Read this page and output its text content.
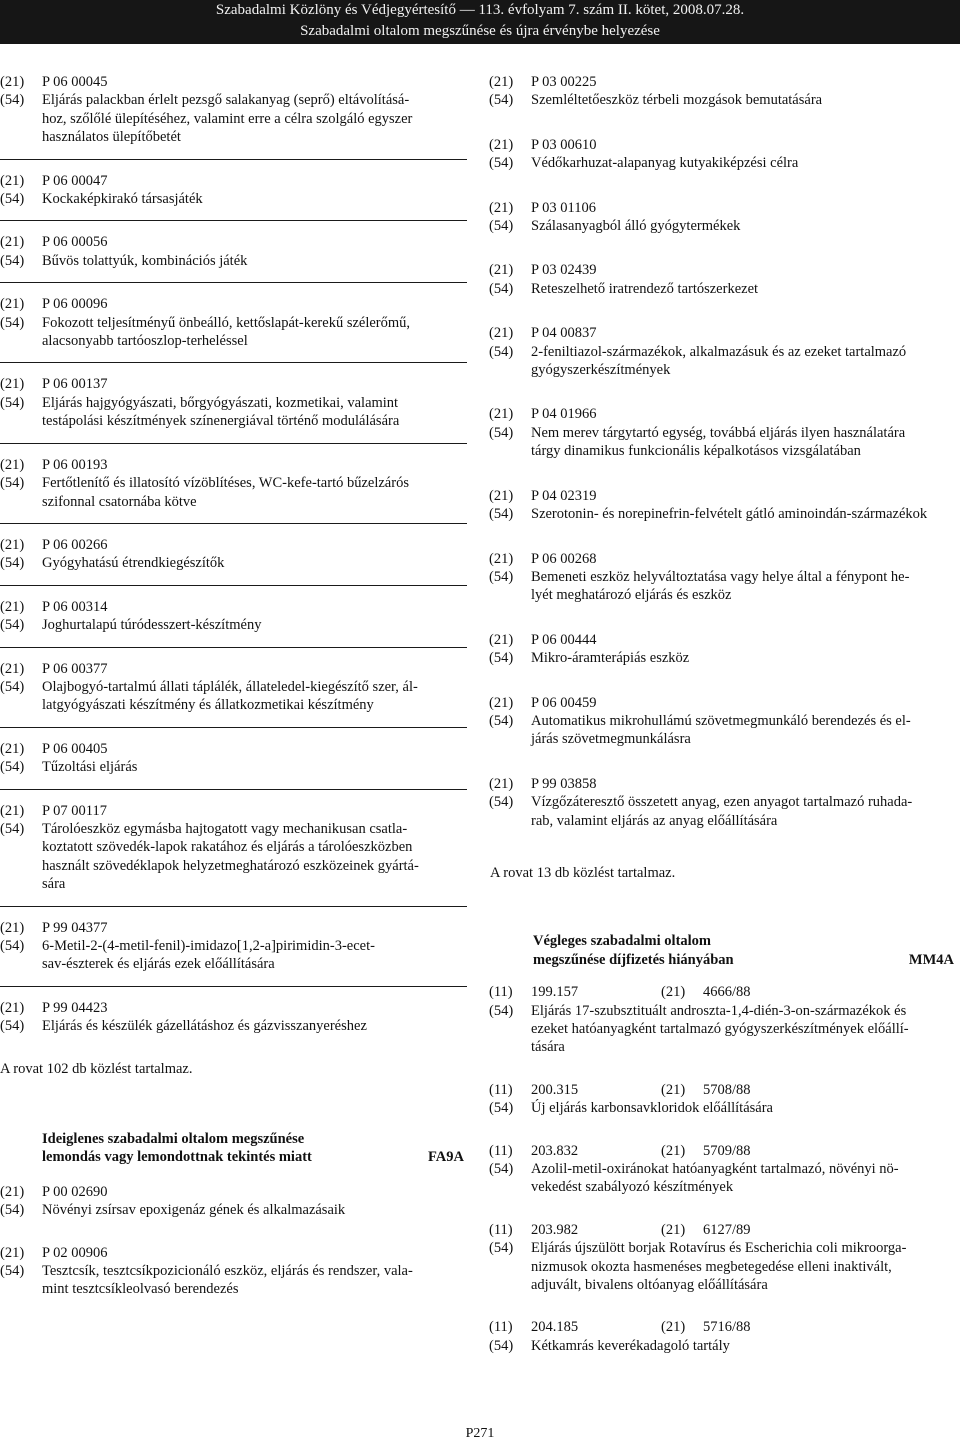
Szabadalmi Közlöny és Védjegyértesítő — 113. évfolyam 7. szám II. kötet, 2008.07.28.
Szabadalmi oltalom megszűnése és újra érvénybe helyezése
(21)	P 06 00045
(54)	Eljárás palackban érlelt pezsgő salakanyag (seprő) eltávolításá-
hoz, szőlőlé ülepítéséhez, valamint erre a célra szolgáló egyszer
használatos ülepítőbetét
(21)	P 06 00047
(54)	Kockaképkirakó társasjáték
(21)	P 06 00056
(54)	Bűvös tolattyúk, kombinációs játék
(21)	P 06 00096
(54)	Fokozott teljesítményű önbeálló, kettőslapát-kerekű szélerőmű,
alacsonyabb tartóoszlop-terheléssel
(21)	P 06 00137
(54)	Eljárás hajgyógyászati, bőrgyógyászati, kozmetikai, valamint
testápolási készítmények színenergiával történő modulálására
(21)	P 06 00193
(54)	Fertőtlenítő és illatosító vízöblítéses, WC-kefe-tartó bűzelzárós
szifonnal csatornába kötve
(21)	P 06 00266
(54)	Gyógyhatású étrendkiegészítők
(21)	P 06 00314
(54)	Joghurtalapú túródesszert-készítmény
(21)	P 06 00377
(54)	Olajbogyó-tartalmú állati táplálék, állateledel-kiegészítő szer, ál-
latgyógyászati készítmény és állatkozmetikai készítmény
(21)	P 06 00405
(54)	Tűzoltási eljárás
(21)	P 07 00117
(54)	Tárolóeszköz egymásba hajtogatott vagy mechanikusan csatla-
koztatott szövedék-lapok rakatához és eljárás a tárolóeszközben
használt szövedéklapok helyzetmeghatározó eszközeinek gyártá-
sára
(21)	P 99 04377
(54)	6-Metil-2-(4-metil-fenil)-imidazo[1,2-a]pirimidin-3-ecet-
sav-észterek és eljárás ezek előállítására
(21)	P 99 04423
(54)	Eljárás és készülék gázellátáshoz és gázvisszanyeréshez
A rovat 102 db közlést tartalmaz.
Ideiglenes szabadalmi oltalom megszűnése
lemondás vagy lemondottnak tekintés miatt	FA9A
(21)	P 00 02690
(54)	Növényi zsírsav epoxigenáz gének és alkalmazásaik
(21)	P 02 00906
(54)	Tesztcsík, tesztcsíkpozicionáló eszköz, eljárás és rendszer, vala-
mint tesztcsíkleolvasó berendezés
(21)	P 03 00225
(54)	Szemléltetőeszköz térbeli mozgások bemutatására
(21)	P 03 00610
(54)	Védőkarhuzat-alapanyag kutyakiképzési célra
(21)	P 03 01106
(54)	Szálasanyagból álló gyógytermékek
(21)	P 03 02439
(54)	Reteszelhető iratrendező tartószerkezet
(21)	P 04 00837
(54)	2-feniltiazol-származékok, alkalmazásuk és az ezeket tartalmazó
gyógyszerkészítmények
(21)	P 04 01966
(54)	Nem merev tárgytartó egység, továbbá eljárás ilyen használatára
tárgy dinamikus funkcionális képalkotásos vizsgálatában
(21)	P 04 02319
(54)	Szerotonin- és norepinefrin-felvételt gátló aminoindán-származékok
(21)	P 06 00268
(54)	Bemeneti eszköz helyváltoztatása vagy helye által a fénypont he-
lyét meghatározó eljárás és eszköz
(21)	P 06 00444
(54)	Mikro-áramterápiás eszköz
(21)	P 06 00459
(54)	Automatikus mikrohullámú szövetmegmunkáló berendezés és el-
járás szövetmegmunkálásra
(21)	P 99 03858
(54)	Vízgőzáteresztő összetett anyag, ezen anyagot tartalmazó ruhada-
rab, valamint eljárás az anyag előállítására
A rovat 13 db közlést tartalmaz.
Végleges szabadalmi oltalom
megszűnése díjfizetés hiányában	MM4A
(11)	199.157	(21)	4666/88
(54)	Eljárás 17-szubsztituált androszta-1,4-dién-3-on-származékok és
ezeket hatóanyagként tartalmazó gyógyszerkészítmények előállí-
tására
(11)	200.315	(21)	5708/88
(54)	Új eljárás karbonsavkloridok előállítására
(11)	203.832	(21)	5709/88
(54)	Azolil-metil-oxiránokat hatóanyagként tartalmazó, növényi nö-
vekedést szabályozó készítmények
(11)	203.982	(21)	6127/89
(54)	Eljárás újszülött borjak Rotavírus és Escherichia coli mikroorga-
nizmusok okozta hasmenéses megbetegedése elleni inaktivált,
adjuvált, bivalens oltóanyag előállítására
(11)	204.185	(21)	5716/88
(54)	Kétkamrás keverékadagoló tartály
P271
